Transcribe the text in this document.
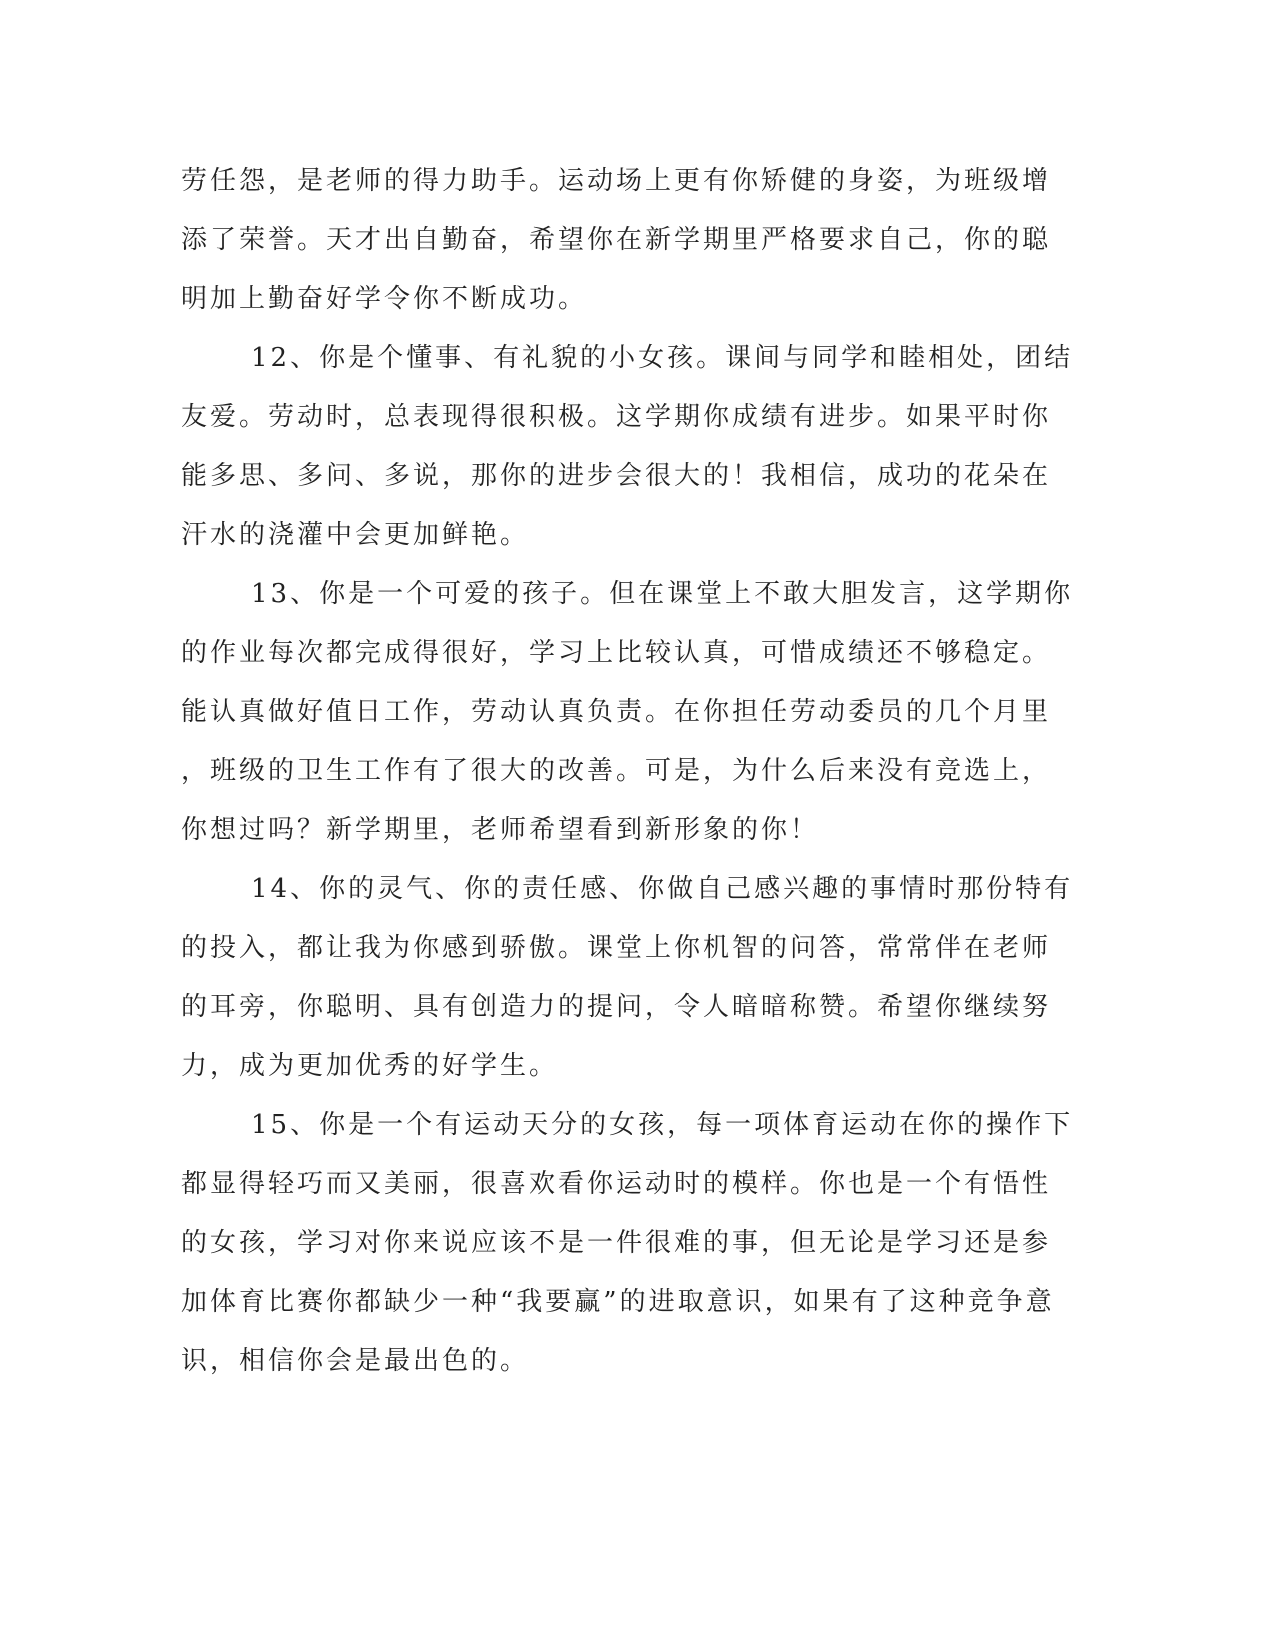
劳任怨，是老师的得力助手。运动场上更有你矫健的身姿，为班级增
添了荣誉。天才出自勤奋，希望你在新学期里严格要求自己，你的聪
明加上勤奋好学令你不断成功。
12、你是个懂事、有礼貌的小女孩。课间与同学和睦相处，团结
友爱。劳动时，总表现得很积极。这学期你成绩有进步。如果平时你
能多思、多问、多说，那你的进步会很大的！我相信，成功的花朵在
汗水的浇灌中会更加鲜艳。
13、你是一个可爱的孩子。但在课堂上不敢大胆发言，这学期你
的作业每次都完成得很好，学习上比较认真，可惜成绩还不够稳定。
能认真做好值日工作，劳动认真负责。在你担任劳动委员的几个月里
，班级的卫生工作有了很大的改善。可是，为什么后来没有竞选上，
你想过吗？新学期里，老师希望看到新形象的你！
14、你的灵气、你的责任感、你做自己感兴趣的事情时那份特有
的投入，都让我为你感到骄傲。课堂上你机智的问答，常常伴在老师
的耳旁，你聪明、具有创造力的提问，令人暗暗称赞。希望你继续努
力，成为更加优秀的好学生。
15、你是一个有运动天分的女孩，每一项体育运动在你的操作下
都显得轻巧而又美丽，很喜欢看你运动时的模样。你也是一个有悟性
的女孩，学习对你来说应该不是一件很难的事，但无论是学习还是参
加体育比赛你都缺少一种“我要赢”的进取意识，如果有了这种竞争意
识，相信你会是最出色的。
